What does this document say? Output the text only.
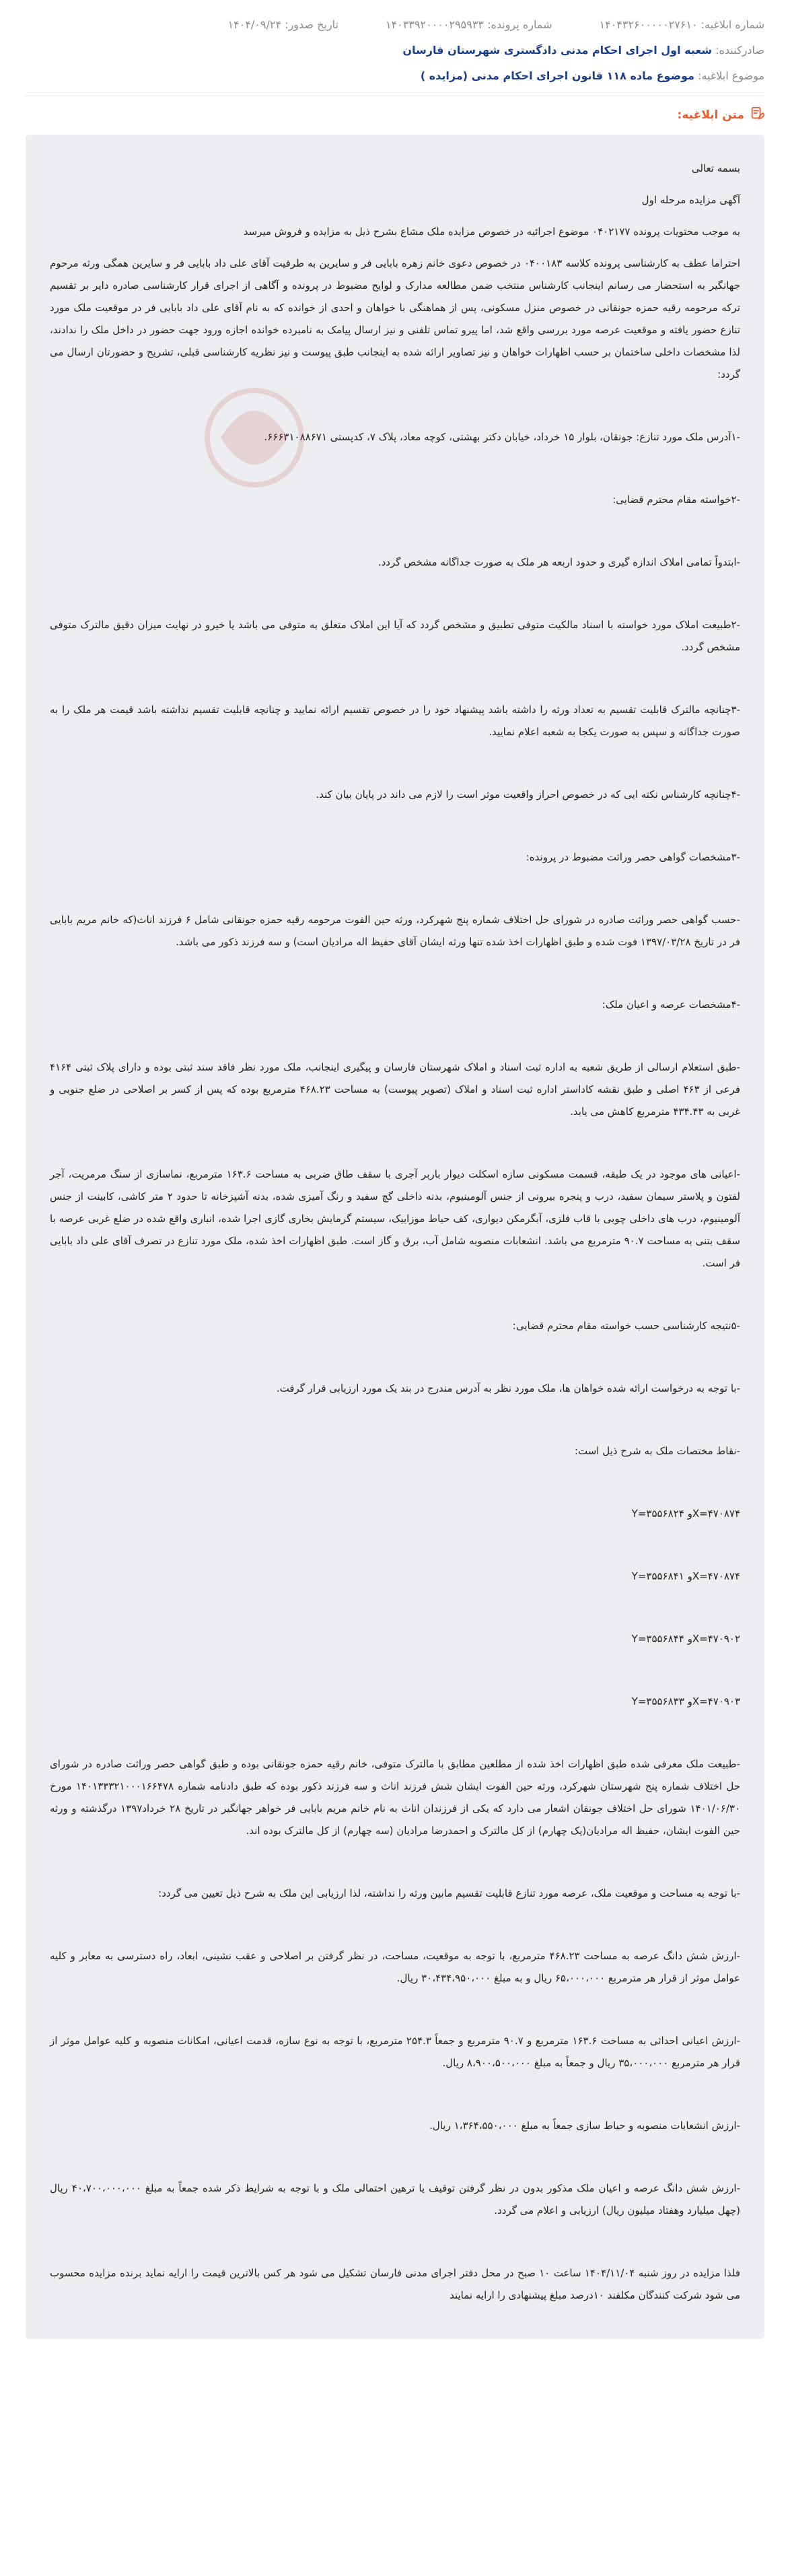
شماره ابلاغیه: ۱۴۰۴۳۲۶۰۰۰۰۰۲۷۶۱۰
شماره پرونده: ۱۴۰۳۳۹۲۰۰۰۰۲۹۵۹۳۳
تاریخ صدور: ۱۴۰۴/۰۹/۲۴
صادرکننده: شعبه اول اجرای احکام مدنی دادگستری شهرستان فارسان
موضوع ابلاغیه: موضوع ماده ۱۱۸ قانون اجرای احکام مدنی (مزایده )
متن ابلاغیه:

بسمه تعالی

آگهی مزایده مرحله اول

به موجب محتویات پرونده ۰۴۰۲۱۷۷ موضوع اجرائیه در خصوص مزایده ملک مشاع بشرح ذیل به مزایده و فروش میرسد

احتراما عطف به کارشناسی پرونده کلاسه ۰۴۰۰۱۸۳ در خصوص دعوی خانم زهره بابایی فر و سایرین به طرفیت آقای علی داد بابایی فر و سایرین همگی ورثه مرحوم جهانگیر به استحضار می رسانم اینجانب کارشناس منتخب ضمن مطالعه مدارک و لوایح مضبوط در پرونده و آگاهی از اجرای قرار کارشناسی صادره دایر بر تقسیم ترکه مرحومه رقیه حمزه جونقانی در خصوص منزل مسکونی، پس از هماهنگی با خواهان و احدی از خوانده که به نام آقای علی داد بابایی فر در موقعیت ملک مورد تنازع حضور یافته و موقعیت عرصه مورد بررسی واقع شد، اما پیرو تماس تلفنی و نیز ارسال پیامک به نامبرده خوانده اجازه ورود جهت حضور در داخل ملک را ندادند، لذا مشخصات داخلی ساختمان بر حسب اظهارات خواهان و نیز تصاویر ارائه شده به اینجانب طبق پیوست و نیز نظریه کارشناسی قبلی، تشریح و حضورتان ارسال می گردد:

-۱آدرس ملک مورد تنازع: جونقان، بلوار ۱۵ خرداد، خیابان دکتر بهشتی، کوچه معاد، پلاک ۷، کدپستی ۶۶۶۳۱۰۸۸۶۷۱.

-۲خواسته مقام محترم قضایی:

-ابتدواً تمامی املاک اندازه گیری و حدود اربعه هر ملک به صورت جداگانه مشخص گردد.

-۲طبیعت املاک مورد خواسته با اسناد مالکیت متوفی تطبیق و مشخص گردد که آیا این املاک متعلق به متوفی می باشد یا خیرو در نهایت میزان دقیق مالترک متوفی مشخص گردد.

-۳چنانچه مالترک قابلیت تقسیم به تعداد ورثه را داشته باشد پیشنهاد خود را در خصوص تقسیم ارائه نمایید و چنانچه قابلیت تقسیم نداشته باشد قیمت هر ملک را به صورت جداگانه و سپس به صورت یکجا به شعبه اعلام نمایید.

-۴چنانچه کارشناس نکته ایی که در خصوص احراز واقعیت موثر است را لازم می داند در پایان بیان کند.

-۳مشخصات گواهی حصر وراثت مضبوط در پرونده:

-حسب گواهی حصر وراثت صادره در شورای حل اختلاف شماره پنج شهرکرد، ورثه حین الفوت مرحومه رقیه حمزه جونقانی شامل ۶ فرزند اناث(که خانم مریم بابایی فر در تاریخ ۱۳۹۷/۰۳/۲۸ فوت شده و طبق اظهارات اخذ شده تنها ورثه ایشان آقای حفیظ اله مرادیان است) و سه فرزند ذکور می باشد.

-۴مشخصات عرصه و اعیان ملک:

-طبق استعلام ارسالی از طریق شعبه به اداره ثبت اسناد و املاک شهرستان فارسان و پیگیری اینجانب، ملک مورد نظر فاقد سند ثبتی بوده و دارای پلاک ثبتی ۴۱۶۴ فرعی از ۴۶۳ اصلی و طبق نقشه کاداستر اداره ثبت اسناد و املاک (تصویر پیوست) به مساحت ۴۶۸.۲۳ مترمربع بوده که پس از کسر بر اصلاحی در ضلع جنوبی و غربی به ۴۳۴.۴۳ مترمربع کاهش می یابد.

-اعیانی های موجود در یک طبقه، قسمت مسکونی سازه اسکلت دیوار باربر آجری با سقف طاق ضربی به مساحت ۱۶۳.۶ مترمربع، نماسازی از سنگ مرمریت، آجر لفتون و پلاستر سیمان سفید، درب و پنجره بیرونی از جنس آلومینیوم، بدنه داخلی گچ سفید و رنگ آمیزی شده، بدنه آشپزخانه تا حدود ۲ متر کاشی، کابینت از جنس آلومینیوم، درب های داخلی چوبی با قاب فلزی، آبگرمکن دیواری، کف حیاط موزاییک، سیستم گرمایش بخاری گازی اجرا شده، انباری واقع شده در ضلع غربی عرصه با سقف بتنی به مساحت ۹۰.۷ مترمربع می باشد. انشعابات منصوبه شامل آب، برق و گاز است. طبق اظهارات اخذ شده، ملک مورد تنازع در تصرف آقای علی داد بابایی فر است.

-۵نتیجه کارشناسی حسب خواسته مقام محترم قضایی:

-با توجه به درخواست ارائه شده خواهان ها، ملک مورد نظر به آدرس مندرج در بند یک مورد ارزیابی قرار گرفت.

-نقاط مختصات ملک به شرح ذیل است:

X=۴۷۰۸۷۴و Y=۳۵۵۶۸۲۴

X=۴۷۰۸۷۴و Y=۳۵۵۶۸۴۱

X=۴۷۰۹۰۲و Y=۳۵۵۶۸۴۴

X=۴۷۰۹۰۳و Y=۳۵۵۶۸۳۳

-طبیعت ملک معرفی شده طبق اظهارات اخذ شده از مطلعین مطابق با مالترک متوفی، خانم رقیه حمزه جونقانی بوده و طبق گواهی حصر وراثت صادره در شورای حل اختلاف شماره پنج شهرستان شهرکرد، ورثه حین الفوت ایشان شش فرزند اناث و سه فرزند ذکور بوده که طبق دادنامه شماره ۱۴۰۱۳۳۳۲۱۰۰۰۱۶۶۴۷۸ مورخ ۱۴۰۱/۰۶/۳۰ شورای حل اختلاف جونقان اشعار می دارد که یکی از فرزندان اناث به نام خانم مریم بابایی فر خواهر جهانگیر در تاریخ ۲۸ خرداد۱۳۹۷ درگذشته و ورثه حین الفوت ایشان، حفیظ اله مرادیان(یک چهارم) از کل مالترک و احمدرضا مرادیان (سه چهارم) از کل مالترک بوده اند.

-با توجه به مساحت و موقعیت ملک، عرصه مورد تنازع قابلیت تقسیم مابین ورثه را نداشته، لذا ارزیابی این ملک به شرح ذیل تعیین می گردد:

-ارزش شش دانگ عرصه به مساحت ۴۶۸.۲۳ مترمربع، با توجه به موقعیت، مساحت، در نظر گرفتن بر اصلاحی و عقب نشینی، ابعاد، راه دسترسی به معابر و کلیه عوامل موثر از قرار هر مترمربع ۶۵،۰۰۰،۰۰۰ ریال و به مبلغ ۳۰،۴۳۴،۹۵۰،۰۰۰ ریال.

-ارزش اعیانی احداثی به مساحت ۱۶۳.۶ مترمربع و ۹۰.۷ مترمربع و جمعاً ۲۵۴.۳ مترمربع، با توجه به نوع سازه، قدمت اعیانی، امکانات منصوبه و کلیه عوامل موثر از قرار هر مترمربع ۳۵،۰۰۰،۰۰۰ ریال و جمعاً به مبلغ ۸،۹۰۰،۵۰۰،۰۰۰ ریال.

-ارزش انشعابات منصوبه و حیاط سازی جمعاً به مبلغ ۱،۳۶۴،۵۵۰،۰۰۰ ریال.

-ارزش شش دانگ عرصه و اعیان ملک مذکور بدون در نظر گرفتن توقیف یا ترهین احتمالی ملک و با توجه به شرایط ذکر شده جمعاً به مبلغ ۴۰،۷۰۰،۰۰۰،۰۰۰ ریال (چهل میلیارد وهفتاد میلیون ریال) ارزیابی و اعلام می گردد.

فلذا مزایده در روز شنبه ۱۴۰۴/۱۱/۰۴ ساعت ۱۰ صبح در محل دفتر اجرای مدنی فارسان تشکیل می شود هر کس بالاترین قیمت را ارایه نماید برنده مزایده محسوب می شود شرکت کنندگان مکلفند ۱۰درصد مبلغ پیشنهادی را ارایه نمایند
